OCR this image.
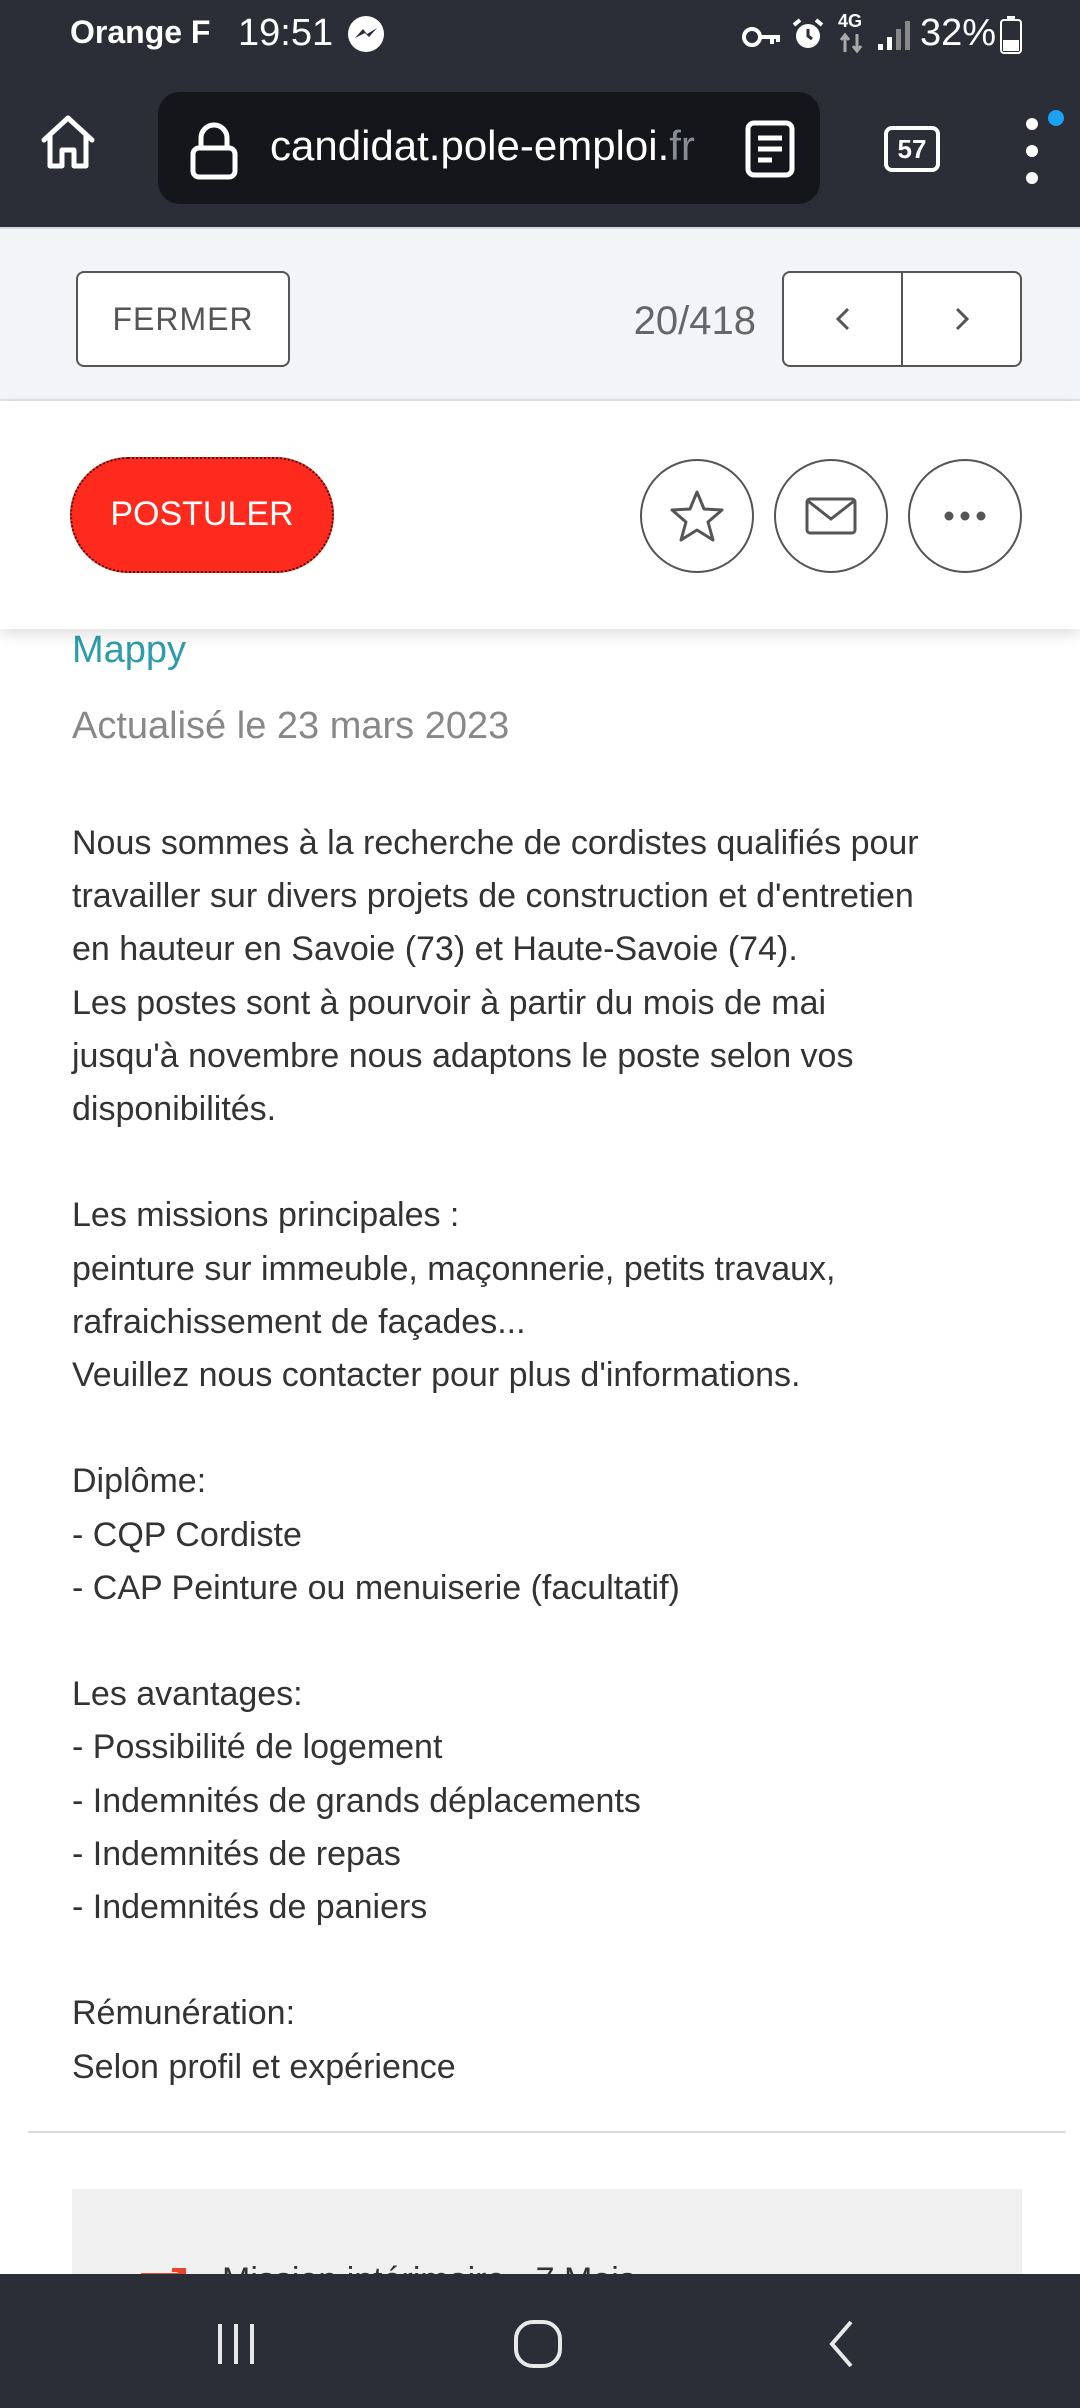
Orange F 19:51	4G 32%
candidat.pole-emploi.fr	57
FERMER	20/418
POSTULER
Mappy
Actualisé le 23 mars 2023
Nous sommes à la recherche de cordistes qualifiés pour
travailler sur divers projets de construction et d'entretien
en hauteur en Savoie (73) et Haute-Savoie (74).
Les postes sont à pourvoir à partir du mois de mai
jusqu'à novembre nous adaptons le poste selon vos
disponibilités.
Les missions principales :
peinture sur immeuble, maçonnerie, petits travaux,
rafraichissement de façades...
Veuillez nous contacter pour plus d'informations.
Diplôme:
- CQP Cordiste
- CAP Peinture ou menuiserie (facultatif)
Les avantages:
- Possibilité de logement
- Indemnités de grands déplacements
- Indemnités de repas
- Indemnités de paniers
Rémunération:
Selon profil et expérience
